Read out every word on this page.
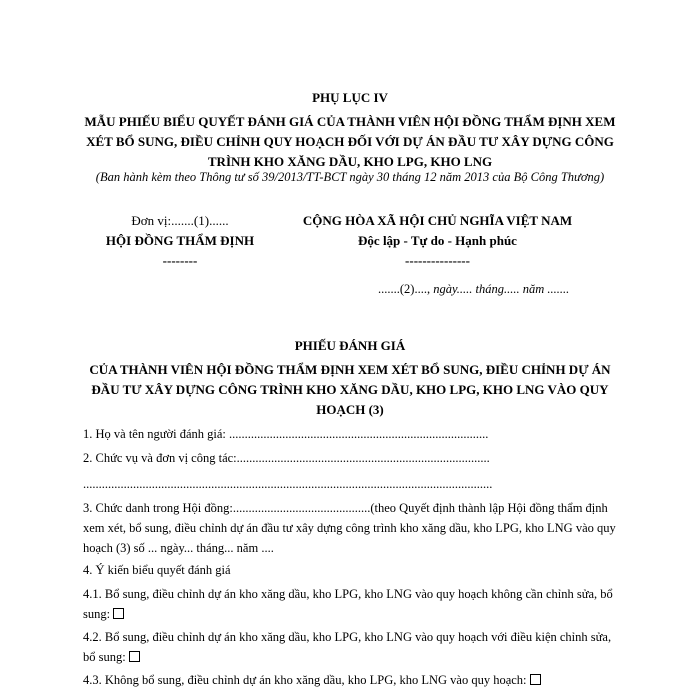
PHỤ LỤC IV
MẪU PHIẾU BIỂU QUYẾT ĐÁNH GIÁ CỦA THÀNH VIÊN HỘI ĐỒNG THẨM ĐỊNH XEM XÉT BỔ SUNG, ĐIỀU CHỈNH QUY HOẠCH ĐỐI VỚI DỰ ÁN ĐẦU TƯ XÂY DỰNG CÔNG TRÌNH KHO XĂNG DẦU, KHO LPG, KHO LNG
(Ban hành kèm theo Thông tư số 39/2013/TT-BCT ngày 30 tháng 12 năm 2013 của Bộ Công Thương)
Đơn vị:.......(1)......
HỘI ĐỒNG THẨM ĐỊNH
--------
CỘNG HÒA XÃ HỘI CHỦ NGHĨA VIỆT NAM
Độc lập - Tự do - Hạnh phúc
---------------
.......(2)...., ngày..... tháng..... năm .......
PHIẾU ĐÁNH GIÁ
CỦA THÀNH VIÊN HỘI ĐỒNG THẨM ĐỊNH XEM XÉT BỔ SUNG, ĐIỀU CHỈNH DỰ ÁN ĐẦU TƯ XÂY DỰNG CÔNG TRÌNH KHO XĂNG DẦU, KHO LPG, KHO LNG VÀO QUY HOẠCH (3)
1. Họ và tên người đánh giá: ...................................................................................
2. Chức vụ và đơn vị công tác:.................................................................................
...................................................................................................................................
3. Chức danh trong Hội đồng:............................................(theo Quyết định thành lập Hội đồng thẩm định xem xét, bổ sung, điều chỉnh dự án đầu tư xây dựng công trình kho xăng dầu, kho LPG, kho LNG vào quy hoạch (3) số ... ngày... tháng... năm ....
4. Ý kiến biểu quyết đánh giá
4.1. Bổ sung, điều chỉnh dự án kho xăng dầu, kho LPG, kho LNG vào quy hoạch không cần chỉnh sửa, bổ sung:
4.2. Bổ sung, điều chỉnh dự án kho xăng dầu, kho LPG, kho LNG vào quy hoạch với điều kiện chỉnh sửa, bổ sung:
4.3. Không bổ sung, điều chỉnh dự án kho xăng dầu, kho LPG, kho LNG vào quy hoạch:
